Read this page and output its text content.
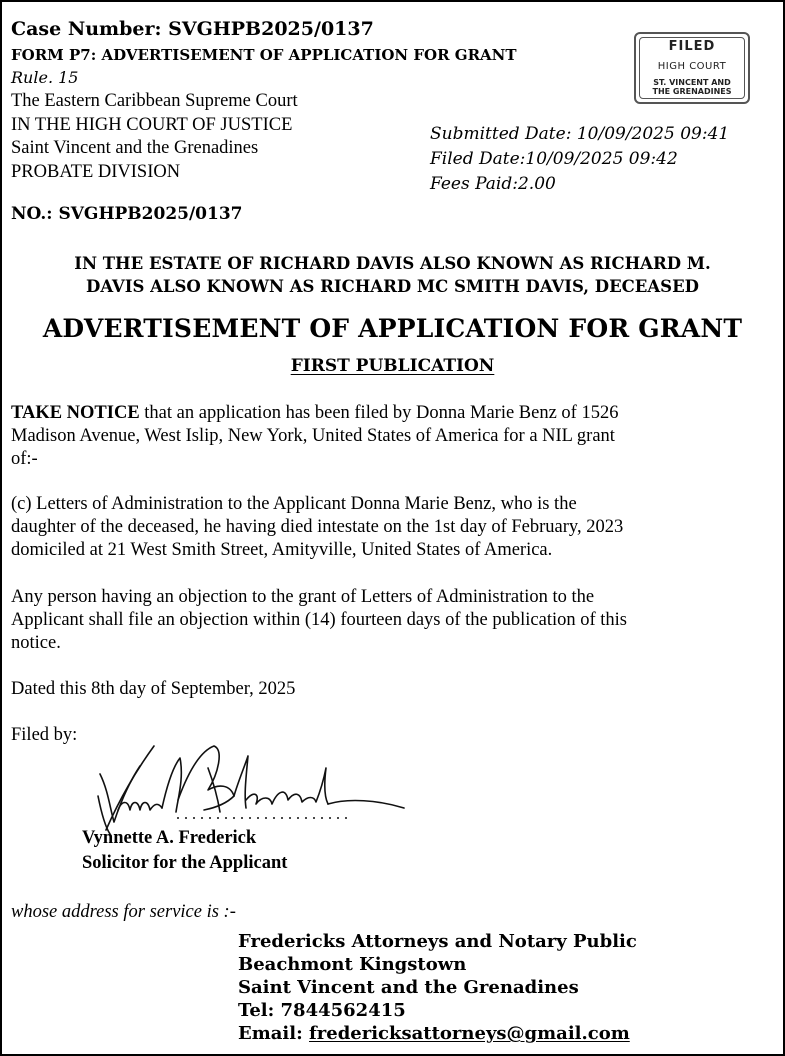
Case Number: SVGHPB2025/0137
FORM P7: ADVERTISEMENT OF APPLICATION FOR GRANT
Rule. 15
The Eastern Caribbean Supreme Court
IN THE HIGH COURT OF JUSTICE
Saint Vincent and the Grenadines
PROBATE DIVISION
FILED
HIGH COURT
ST. VINCENT AND
THE GRENADINES
Submitted Date: 10/09/2025 09:41
Filed Date:10/09/2025 09:42
Fees Paid:2.00
NO.: SVGHPB2025/0137
IN THE ESTATE OF RICHARD DAVIS ALSO KNOWN AS RICHARD M.
DAVIS ALSO KNOWN AS RICHARD MC SMITH DAVIS, DECEASED
ADVERTISEMENT OF APPLICATION FOR GRANT
FIRST PUBLICATION
TAKE NOTICE that an application has been filed by Donna Marie Benz of 1526
Madison Avenue, West Islip, New York, United States of America for a NIL grant
of:-
(c) Letters of Administration to the Applicant Donna Marie Benz, who is the
daughter of the deceased, he having died intestate on the 1st day of February, 2023
domiciled at 21 West Smith Street, Amityville, United States of America.
Any person having an objection to the grant of Letters of Administration to the
Applicant shall file an objection within (14) fourteen days of the publication of this
notice.
Dated this 8th day of September, 2025
Filed by:
Vynnette A. Frederick
Solicitor for the Applicant
whose address for service is :-
Fredericks Attorneys and Notary Public
Beachmont Kingstown
Saint Vincent and the Grenadines
Tel: 7844562415
Email: fredericksattorneys@gmail.com
